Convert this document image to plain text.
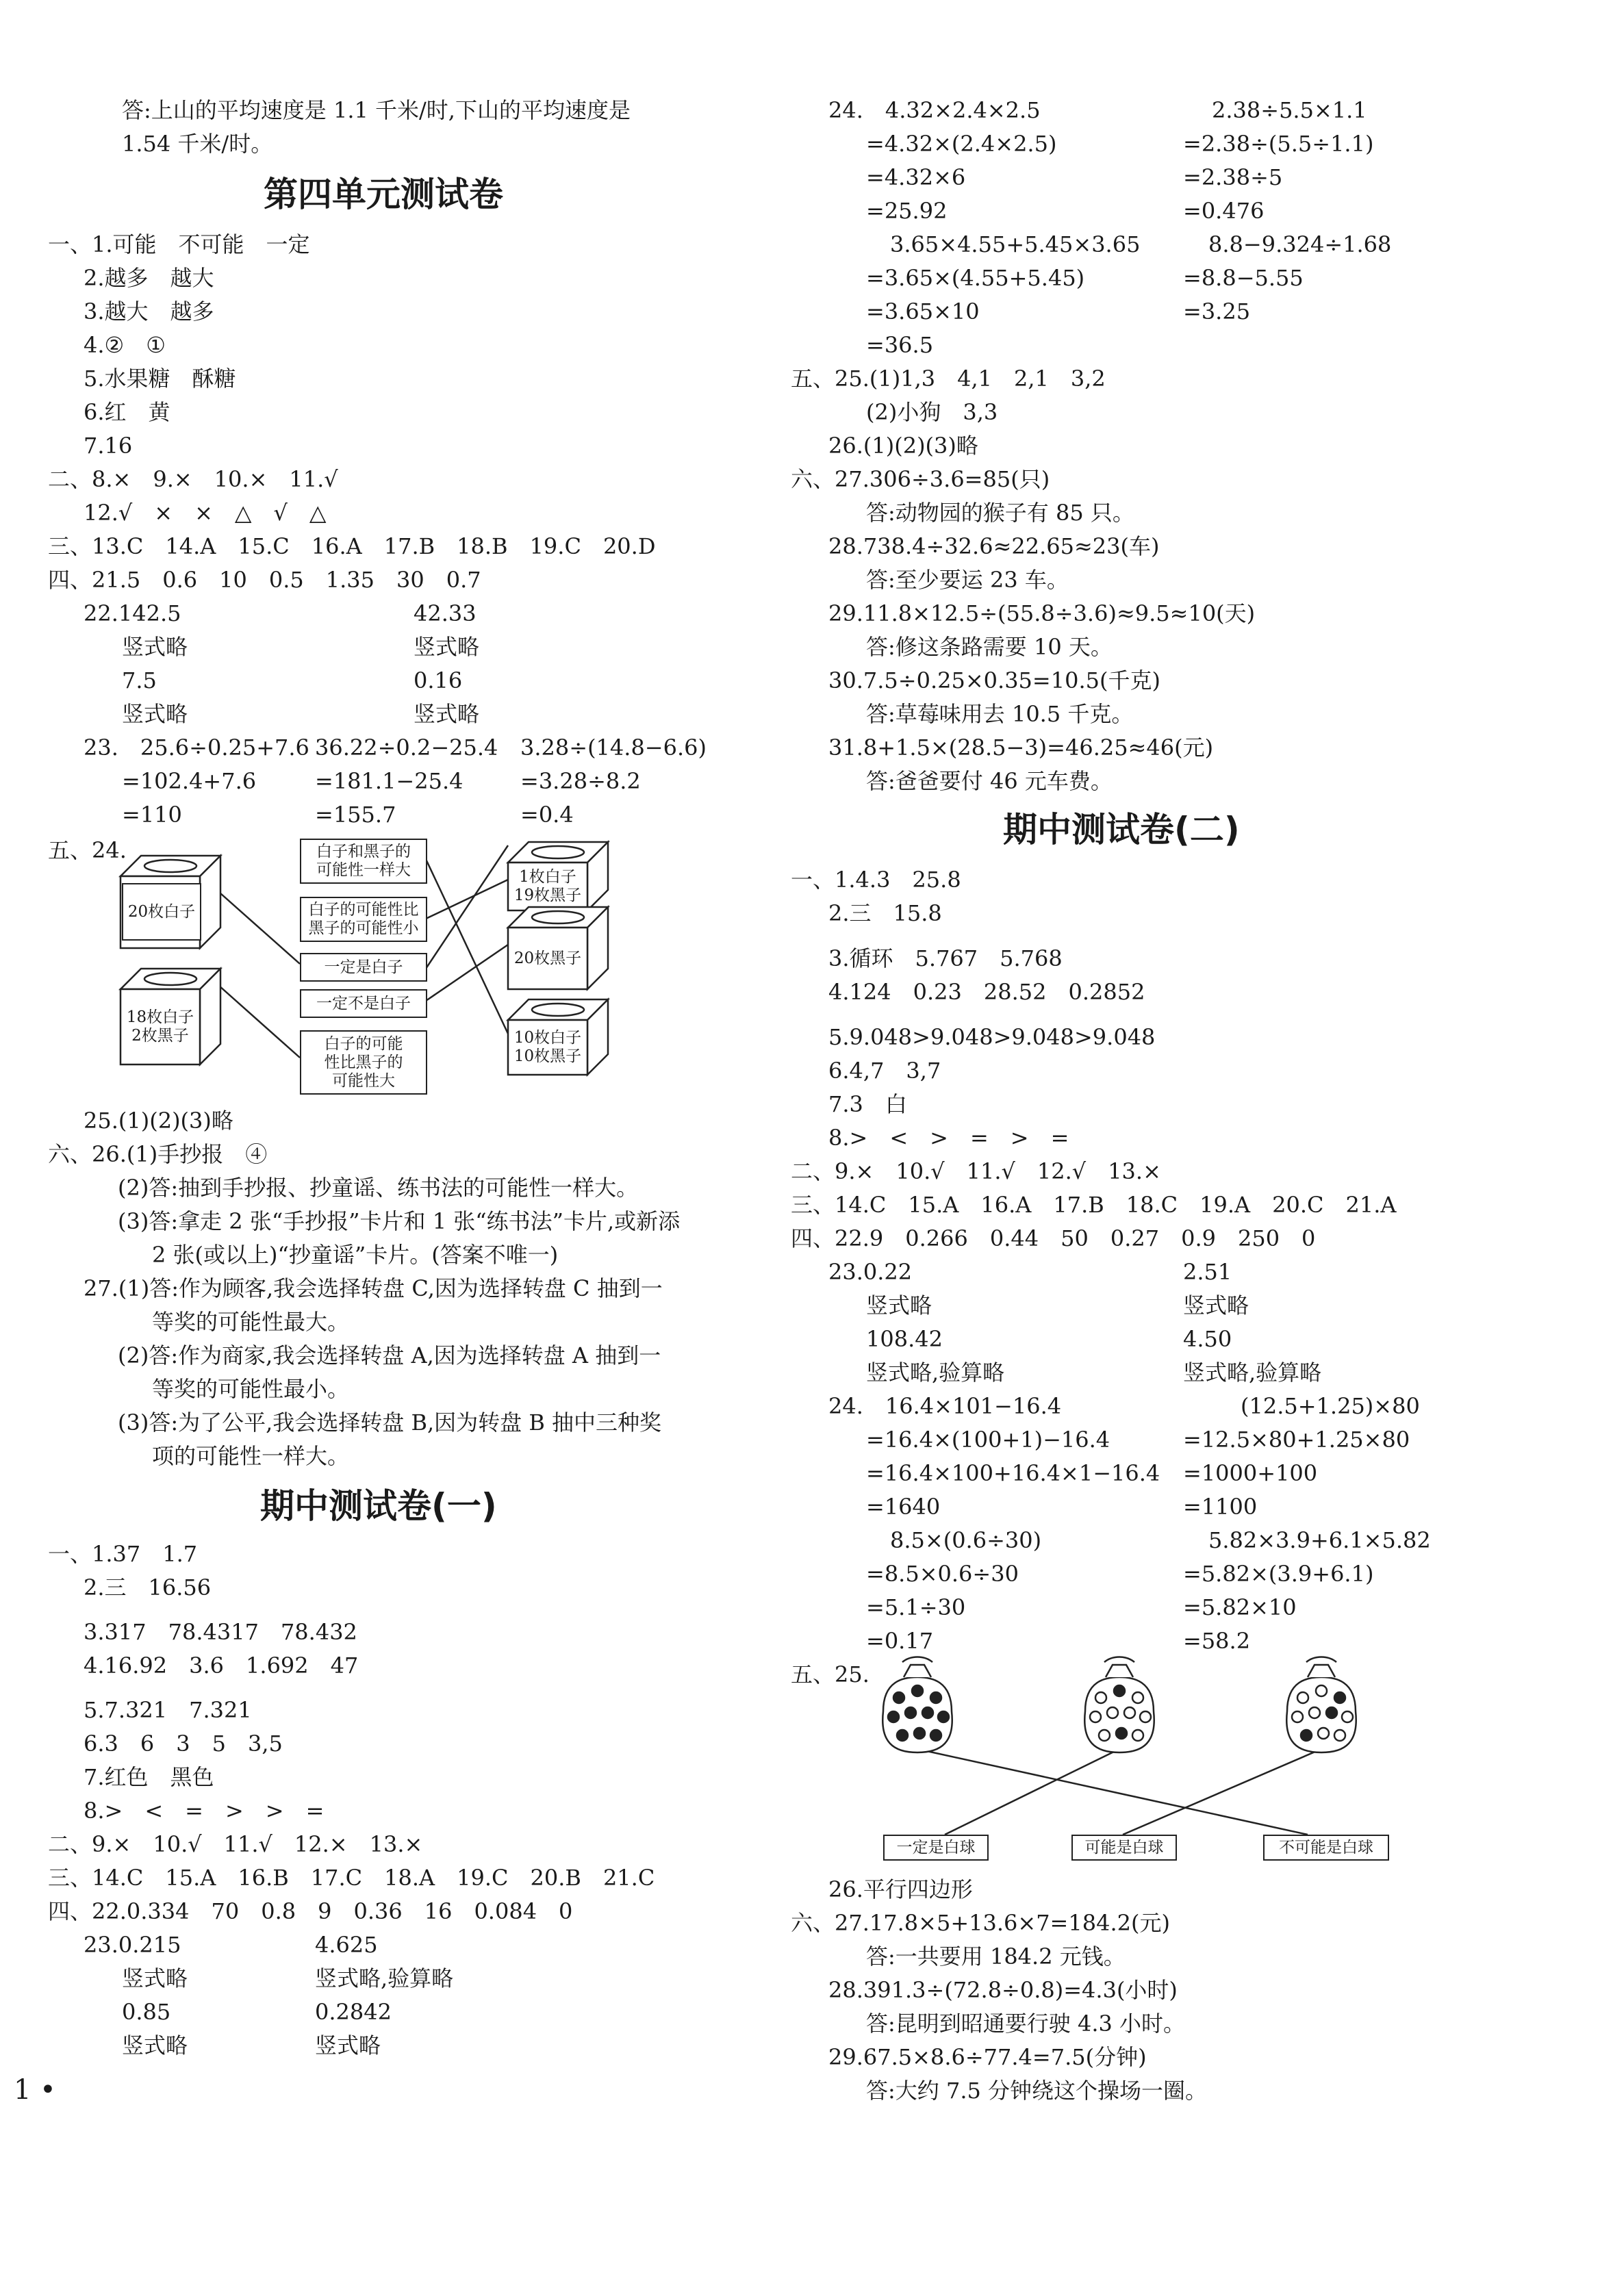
答:上山的平均速度是 1.1 千米/时,下山的平均速度是
1.54 千米/时。
第四单元测试卷
一、1.可能　不可能　一定
2.越多　越大
3.越大　越多
4.②　①
5.水果糖　酥糖
6.红　黄
7.16
二、8.×　9.×　10.×　11.√
12.√　×　×　△　√　△
三、13.C　14.A　15.C　16.A　17.B　18.B　19.C　20.D
四、21.5　0.6　10　0.5　1.35　30　0.7
22.142.5	42.33
竖式略	竖式略
7.5	0.16
竖式略	竖式略
23.　25.6÷0.25+7.6 36.22÷0.2−25.4 3.28÷(14.8−6.6)
=102.4+7.6	=181.1−25.4	=3.28÷8.2
=110	=155.7	=0.4
五、24.
20枚白子
18枚白子
2枚黑子
1枚白子
19枚黑子
20枚黑子
10枚白子
10枚黑子
白子和黑子的
可能性一样大
白子的可能性比
黑子的可能性小
一定是白子
一定不是白子
白子的可能
性比黑子的
可能性大
25.(1)(2)(3)略
六、26.(1)手抄报　④
(2)答:抽到手抄报、抄童谣、练书法的可能性一样大。
(3)答:拿走 2 张“手抄报”卡片和 1 张“练书法”卡片,或新添
2 张(或以上)“抄童谣”卡片。(答案不唯一)
27.(1)答:作为顾客,我会选择转盘 C,因为选择转盘 C 抽到一
等奖的可能性最大。
(2)答:作为商家,我会选择转盘 A,因为选择转盘 A 抽到一
等奖的可能性最小。
(3)答:为了公平,我会选择转盘 B,因为转盘 B 抽中三种奖
项的可能性一样大。
期中测试卷(一)
一、1.37　1.7
2.三　16.56
3.317　78.4317　78.432
4.16.92　3.6　1.692　47
5.7.321　7.321
6.3　6　3　5　3,5
7.红色　黑色
8.>　<　=　>　>　=
二、9.×　10.√　11.√　12.×　13.×
三、14.C　15.A　16.B　17.C　18.A　19.C　20.B　21.C
四、22.0.334　70　0.8　9　0.36　16　0.084　0
23.0.215	4.625
竖式略	竖式略,验算略
0.85	0.2842
竖式略	竖式略
1 •
24.　4.32×2.4×2.5	2.38÷5.5×1.1
=4.32×(2.4×2.5)	=2.38÷(5.5÷1.1)
=4.32×6	=2.38÷5
=25.92	=0.476
3.65×4.55+5.45×3.65	8.8−9.324÷1.68
=3.65×(4.55+5.45)	=8.8−5.55
=3.65×10	=3.25
=36.5
五、25.(1)1,3　4,1　2,1　3,2
(2)小狗　3,3
26.(1)(2)(3)略
六、27.306÷3.6=85(只)
答:动物园的猴子有 85 只。
28.738.4÷32.6≈22.65≈23(车)
答:至少要运 23 车。
29.11.8×12.5÷(55.8÷3.6)≈9.5≈10(天)
答:修这条路需要 10 天。
30.7.5÷0.25×0.35=10.5(千克)
答:草莓味用去 10.5 千克。
31.8+1.5×(28.5−3)=46.25≈46(元)
答:爸爸要付 46 元车费。
期中测试卷(二)
一、1.4.3　25.8
2.三　15.8
3.循环　5.767　5.768
4.124　0.23　28.52　0.2852
5.9.048>9.048>9.048>9.048
6.4,7　3,7
7.3　白
8.>　<　>　=　>　=
二、9.×　10.√　11.√　12.√　13.×
三、14.C　15.A　16.A　17.B　18.C　19.A　20.C　21.A
四、22.9　0.266　0.44　50　0.27　0.9　250　0
23.0.22	2.51
竖式略	竖式略
108.42	4.50
竖式略,验算略	竖式略,验算略
24.　16.4×101−16.4	(12.5+1.25)×80
=16.4×(100+1)−16.4	=12.5×80+1.25×80
=16.4×100+16.4×1−16.4 =1000+100
=1640	=1100
8.5×(0.6÷30)	5.82×3.9+6.1×5.82
=8.5×0.6÷30	=5.82×(3.9+6.1)
=5.1÷30	=5.82×10
=0.17	=58.2
五、25.
一定是白球	可能是白球	不可能是白球
26.平行四边形
六、27.17.8×5+13.6×7=184.2(元)
答:一共要用 184.2 元钱。
28.391.3÷(72.8÷0.8)=4.3(小时)
答:昆明到昭通要行驶 4.3 小时。
29.67.5×8.6÷77.4=7.5(分钟)
答:大约 7.5 分钟绕这个操场一圈。
